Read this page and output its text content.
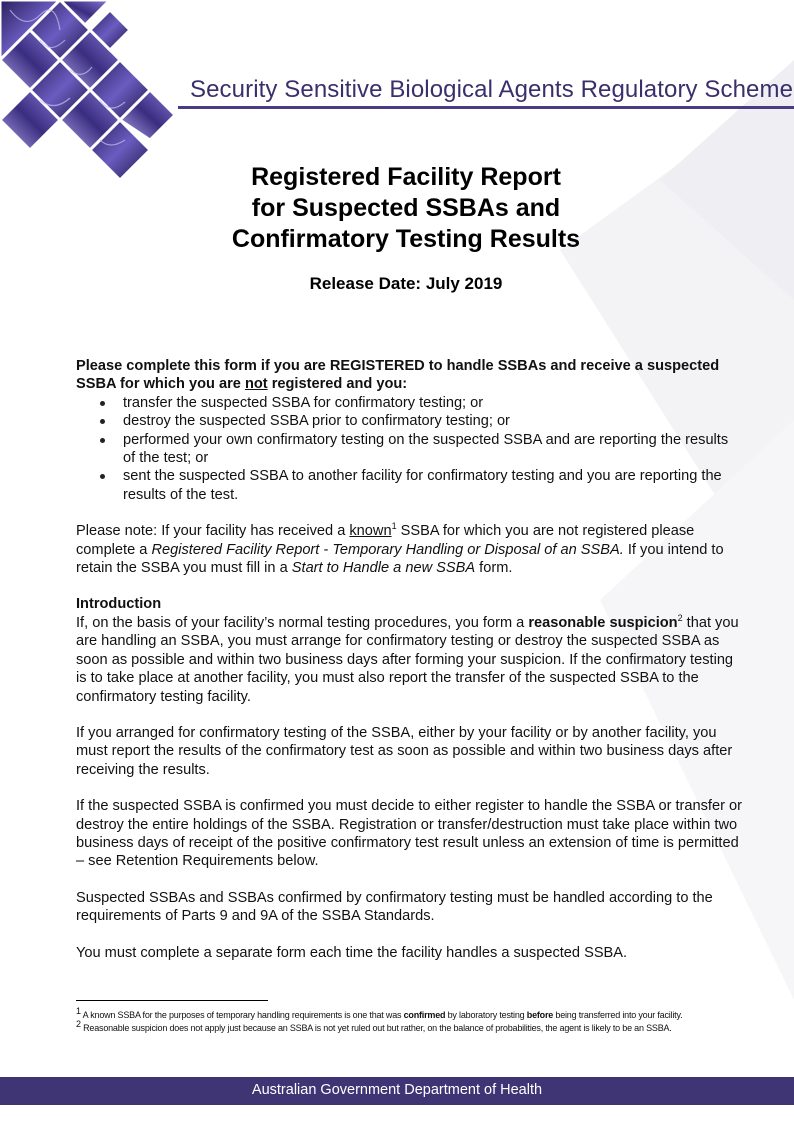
Security Sensitive Biological Agents Regulatory Scheme
Registered Facility Report
for Suspected SSBAs and
Confirmatory Testing Results
Release Date: July 2019

Please complete this form if you are REGISTERED to handle SSBAs and receive a suspected SSBA for which you are not registered and you:

transfer the suspected SSBA for confirmatory testing; or
destroy the suspected SSBA prior to confirmatory testing; or
performed your own confirmatory testing on the suspected SSBA and are reporting the results of the test; or
sent the suspected SSBA to another facility for confirmatory testing and you are reporting the results of the test.

Please note: If your facility has received a known$^1$ SSBA for which you are not registered please complete a Registered Facility Report - Temporary Handling or Disposal of an SSBA. If you intend to retain the SSBA you must fill in a Start to Handle a new SSBA form.

Introduction

If, on the basis of your facility’s normal testing procedures, you form a reasonable suspicion$^2$ that you are handling an SSBA, you must arrange for confirmatory testing or destroy the suspected SSBA as soon as possible and within two business days after forming your suspicion. If the confirmatory testing is to take place at another facility, you must also report the transfer of the suspected SSBA to the confirmatory testing facility.

If you arranged for confirmatory testing of the SSBA, either by your facility or by another facility, you must report the results of the confirmatory test as soon as possible and within two business days after receiving the results.

If the suspected SSBA is confirmed you must decide to either register to handle the SSBA or transfer or destroy the entire holdings of the SSBA. Registration or transfer/destruction must take place within two business days of receipt of the positive confirmatory test result unless an extension of time is permitted – see Retention Requirements below.

Suspected SSBAs and SSBAs confirmed by confirmatory testing must be handled according to the requirements of Parts 9 and 9A of the SSBA Standards.

You must complete a separate form each time the facility handles a suspected SSBA.

$^1$ A known SSBA for the purposes of temporary handling requirements is one that was confirmed by laboratory testing before being transferred into your facility.

$^2$ Reasonable suspicion does not apply just because an SSBA is not yet ruled out but rather, on the balance of probabilities, the agent is likely to be an SSBA.

Australian Government Department of Health
